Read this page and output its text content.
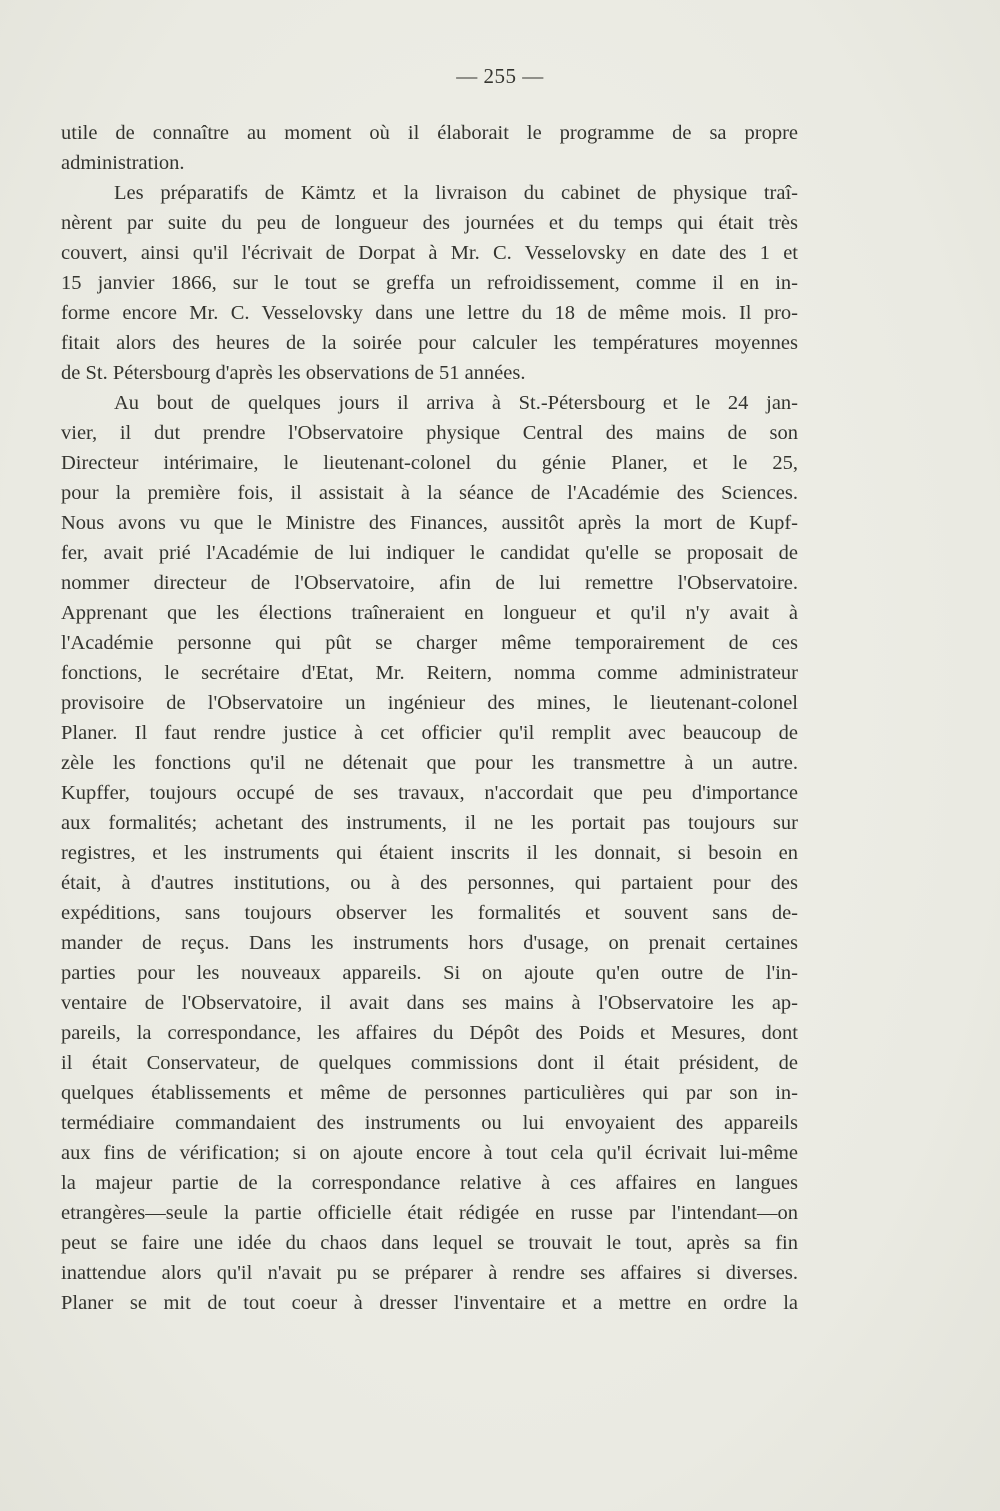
— 255 —
utile de connaître au moment où il élaborait le programme de sa propre
administration.
Les préparatifs de Kämtz et la livraison du cabinet de physique traî-
nèrent par suite du peu de longueur des journées et du temps qui était très
couvert, ainsi qu'il l'écrivait de Dorpat à Mr. C. Vesselovsky en date des 1 et
15 janvier 1866, sur le tout se greffa un refroidissement, comme il en in-
forme encore Mr. C. Vesselovsky dans une lettre du 18 de même mois. Il pro-
fitait alors des heures de la soirée pour calculer les températures moyennes
de St. Pétersbourg d'après les observations de 51 années.
Au bout de quelques jours il arriva à St.-Pétersbourg et le 24 jan-
vier, il dut prendre l'Observatoire physique Central des mains de son
Directeur intérimaire, le lieutenant-colonel du génie Planer, et le 25,
pour la première fois, il assistait à la séance de l'Académie des Sciences.
Nous avons vu que le Ministre des Finances, aussitôt après la mort de Kupf-
fer, avait prié l'Académie de lui indiquer le candidat qu'elle se proposait de
nommer directeur de l'Observatoire, afin de lui remettre l'Observatoire.
Apprenant que les élections traîneraient en longueur et qu'il n'y avait à
l'Académie personne qui pût se charger même temporairement de ces
fonctions, le secrétaire d'Etat, Mr. Reitern, nomma comme administrateur
provisoire de l'Observatoire un ingénieur des mines, le lieutenant-colonel
Planer. Il faut rendre justice à cet officier qu'il remplit avec beaucoup de
zèle les fonctions qu'il ne détenait que pour les transmettre à un autre.
Kupffer, toujours occupé de ses travaux, n'accordait que peu d'importance
aux formalités; achetant des instruments, il ne les portait pas toujours sur
registres, et les instruments qui étaient inscrits il les donnait, si besoin en
était, à d'autres institutions, ou à des personnes, qui partaient pour des
expéditions, sans toujours observer les formalités et souvent sans de-
mander de reçus. Dans les instruments hors d'usage, on prenait certaines
parties pour les nouveaux appareils. Si on ajoute qu'en outre de l'in-
ventaire de l'Observatoire, il avait dans ses mains à l'Observatoire les ap-
pareils, la correspondance, les affaires du Dépôt des Poids et Mesures, dont
il était Conservateur, de quelques commissions dont il était président, de
quelques établissements et même de personnes particulières qui par son in-
termédiaire commandaient des instruments ou lui envoyaient des appareils
aux fins de vérification; si on ajoute encore à tout cela qu'il écrivait lui-même
la majeur partie de la correspondance relative à ces affaires en langues
etrangères—seule la partie officielle était rédigée en russe par l'intendant—on
peut se faire une idée du chaos dans lequel se trouvait le tout, après sa fin
inattendue alors qu'il n'avait pu se préparer à rendre ses affaires si diverses.
Planer se mit de tout coeur à dresser l'inventaire et a mettre en ordre la
